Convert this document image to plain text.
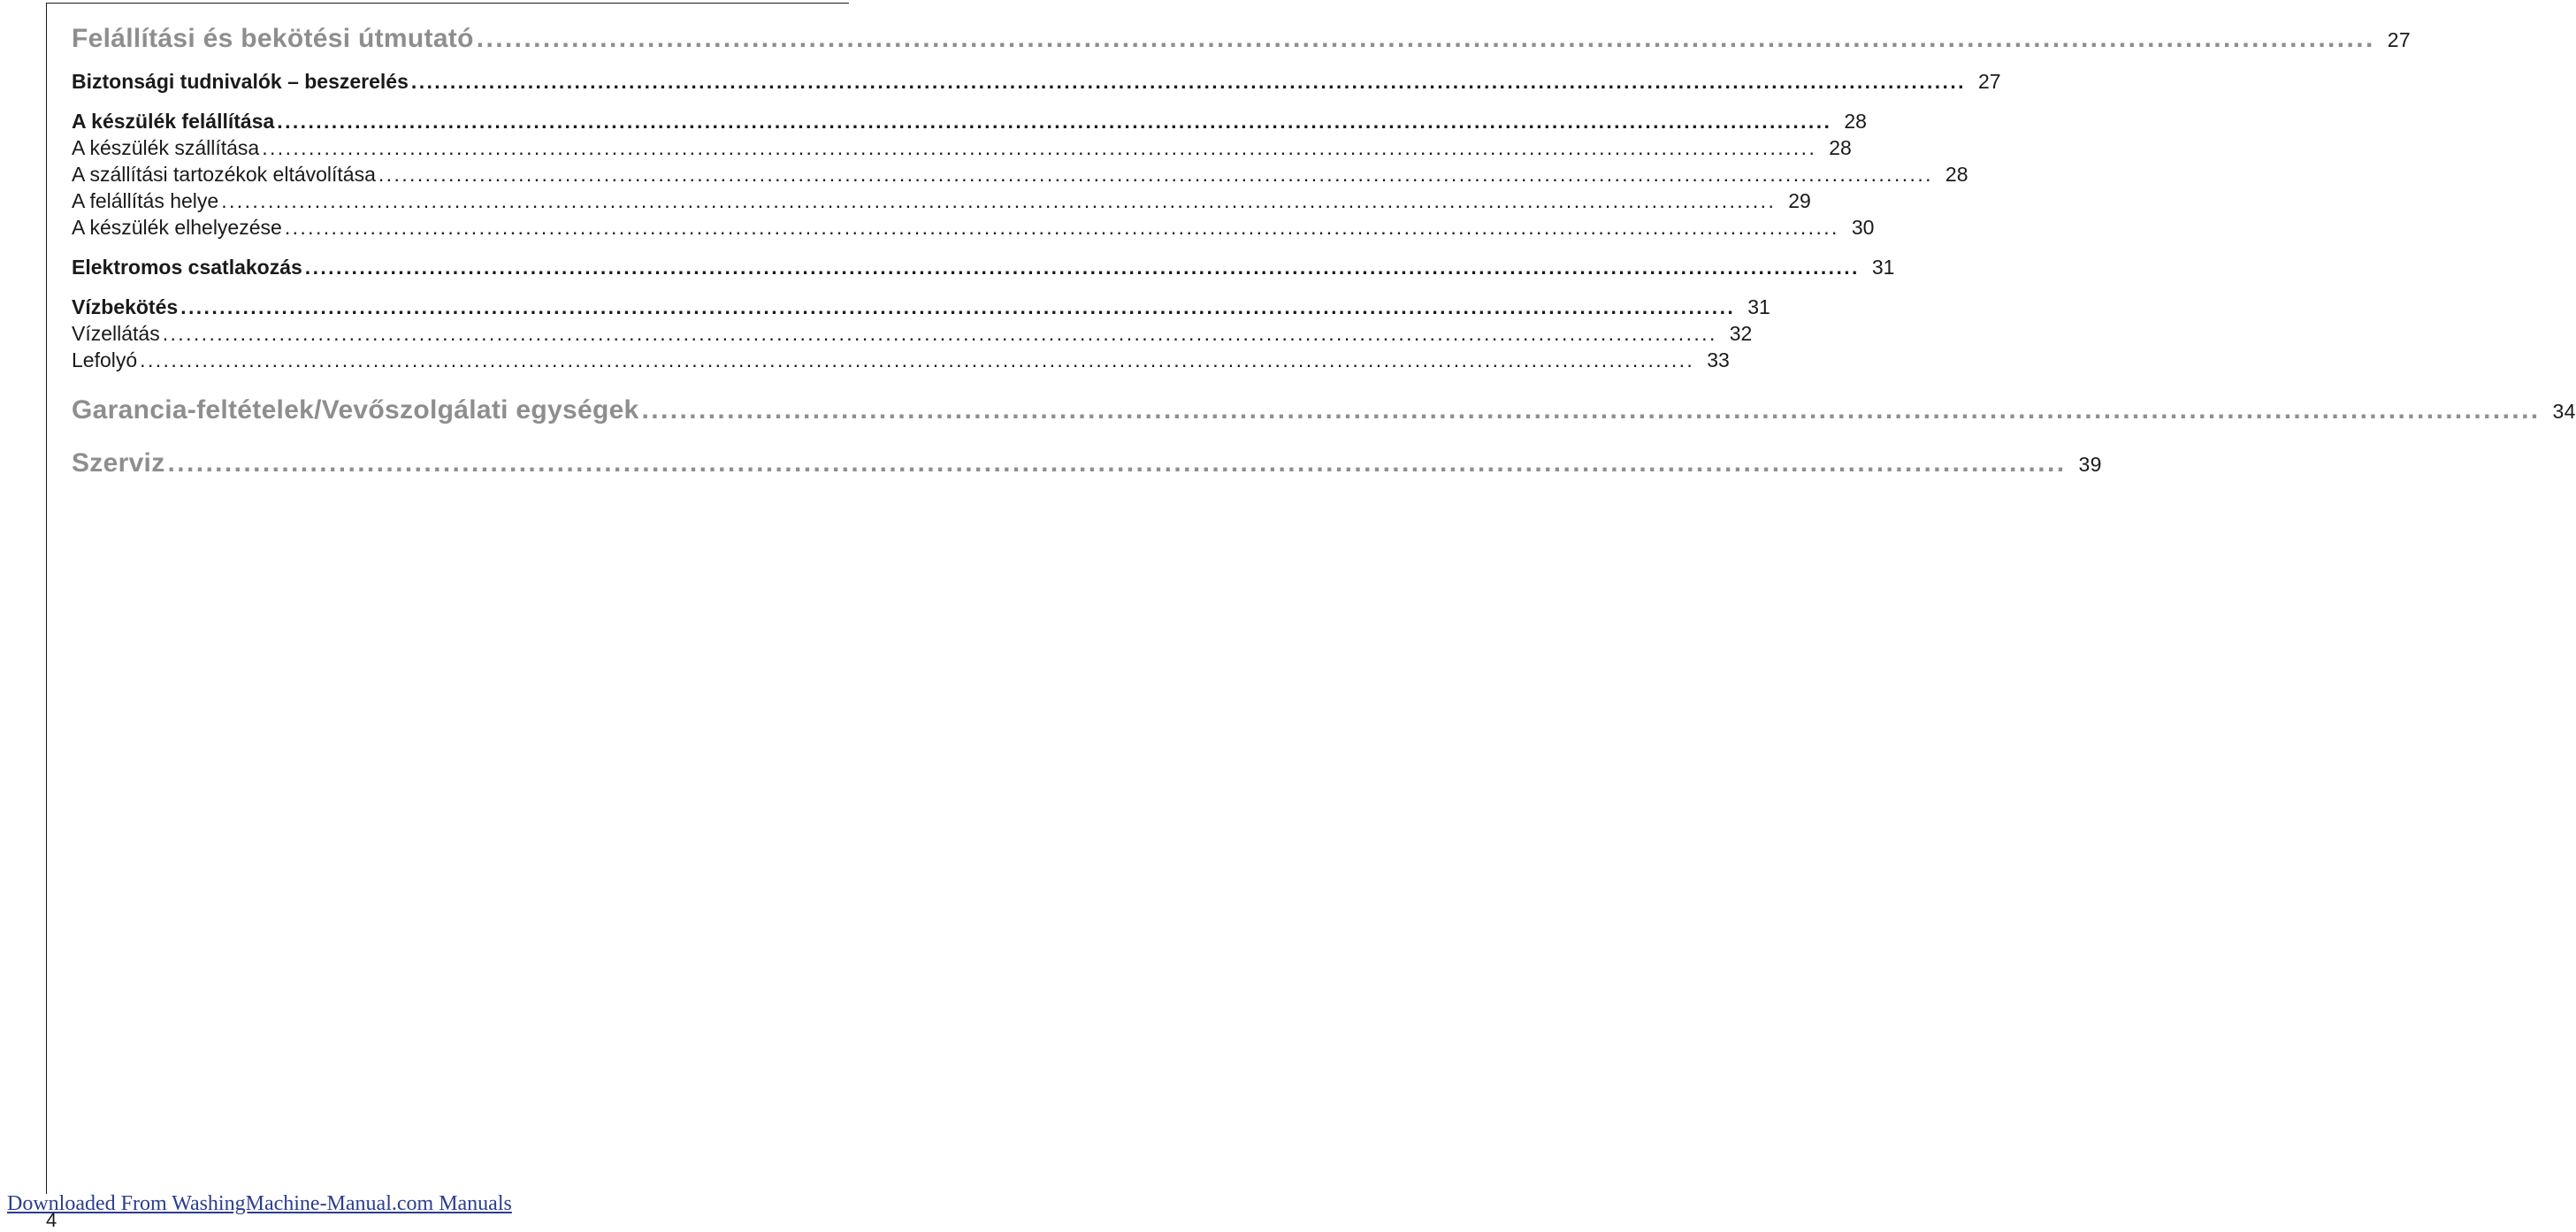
Felállítási és bekötési útmutató ........................................................................................................................................................................................................ 27
Biztonsági tudnivalók – beszerelés ........................................................................................................................................................................................................ 27
A készülék felállítása ........................................................................................................................................................................................................ 28
A készülék szállítása ........................................................................................................................................................................................................ 28
A szállítási tartozékok eltávolítása ........................................................................................................................................................................................................ 28
A felállítás helye ........................................................................................................................................................................................................ 29
A készülék elhelyezése ........................................................................................................................................................................................................ 30
Elektromos csatlakozás ........................................................................................................................................................................................................ 31
Vízbekötés ........................................................................................................................................................................................................ 31
Vízellátás ........................................................................................................................................................................................................ 32
Lefolyó ........................................................................................................................................................................................................ 33
Garancia-feltételek/Vevőszolgálati egységek ........................................................................................................................................................................................................ 34
Szerviz ........................................................................................................................................................................................................ 39
Downloaded From WashingMachine-Manual.com Manuals
4
